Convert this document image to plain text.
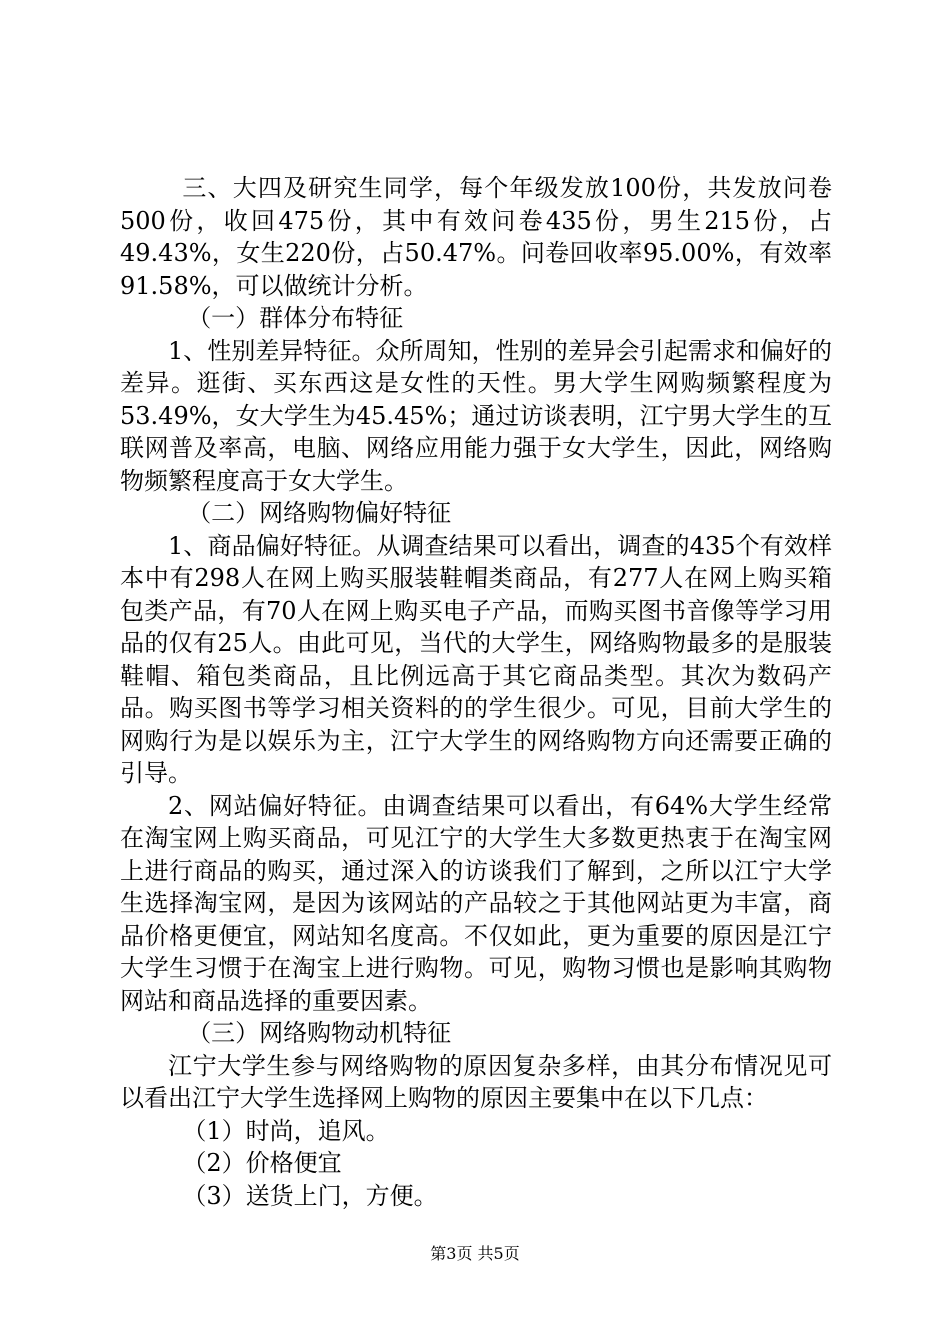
三、大四及研究生同学，每个年级发放100份，共发放问卷500份，收回475份，其中有效问卷435份，男生215份，占49.43%，女生220份，占50.47%。问卷回收率95.00%，有效率91.58%，可以做统计分析。

（一）群体分布特征

1、性别差异特征。众所周知，性别的差异会引起需求和偏好的差异。逛街、买东西这是女性的天性。男大学生网购频繁程度为53.49%，女大学生为45.45%；通过访谈表明，江宁男大学生的互联网普及率高，电脑、网络应用能力强于女大学生，因此，网络购物频繁程度高于女大学生。

（二）网络购物偏好特征

1、商品偏好特征。从调查结果可以看出，调查的435个有效样本中有298人在网上购买服装鞋帽类商品，有277人在网上购买箱包类产品，有70人在网上购买电子产品，而购买图书音像等学习用品的仅有25人。由此可见，当代的大学生，网络购物最多的是服装鞋帽、箱包类商品，且比例远高于其它商品类型。其次为数码产品。购买图书等学习相关资料的的学生很少。可见，目前大学生的网购行为是以娱乐为主，江宁大学生的网络购物方向还需要正确的引导。

2、网站偏好特征。由调查结果可以看出，有64%大学生经常在淘宝网上购买商品，可见江宁的大学生大多数更热衷于在淘宝网上进行商品的购买，通过深入的访谈我们了解到，之所以江宁大学生选择淘宝网，是因为该网站的产品较之于其他网站更为丰富，商品价格更便宜，网站知名度高。不仅如此，更为重要的原因是江宁大学生习惯于在淘宝上进行购物。可见，购物习惯也是影响其购物网站和商品选择的重要因素。

（三）网络购物动机特征

江宁大学生参与网络购物的原因复杂多样，由其分布情况见可以看出江宁大学生选择网上购物的原因主要集中在以下几点：

（1）时尚，追风。

（2）价格便宜

（3）送货上门，方便。

第3页 共5页
